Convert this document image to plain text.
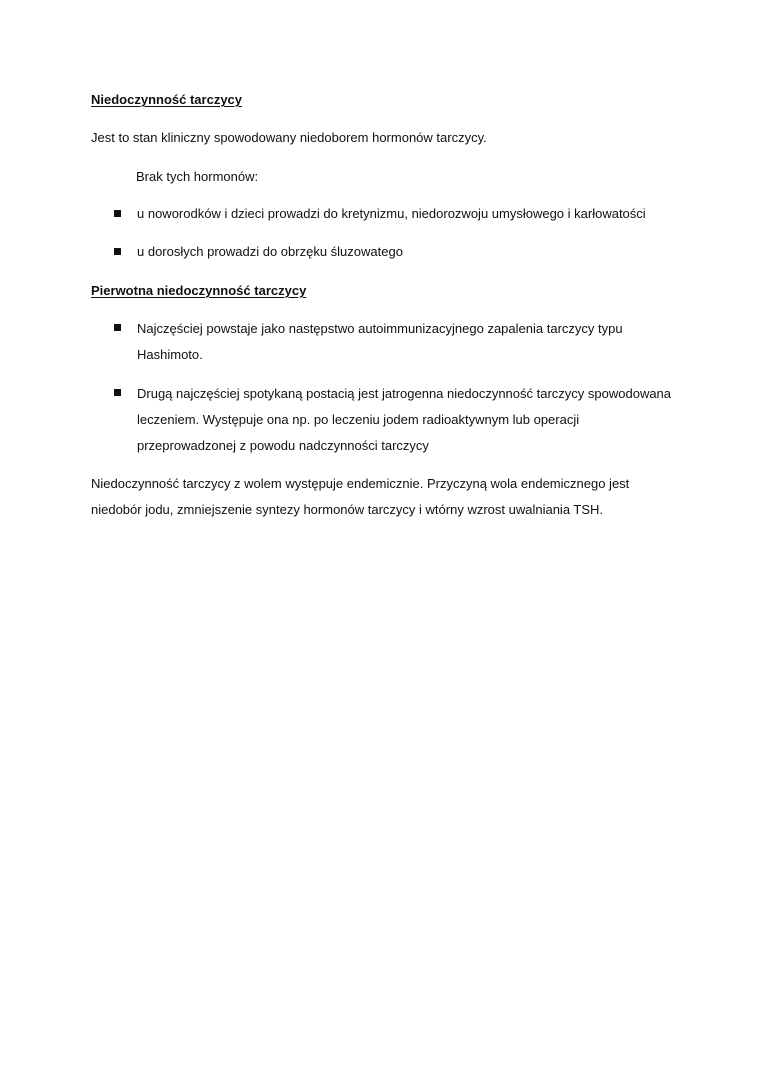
Niedoczynność tarczycy
Jest to stan kliniczny spowodowany niedoborem hormonów tarczycy.
Brak tych hormonów:
u noworodków i dzieci prowadzi do kretynizmu, niedorozwoju umysłowego i karłowatości
u dorosłych prowadzi do obrzęku śluzowatego
Pierwotna niedoczynność tarczycy
Najczęściej powstaje jako następstwo autoimmunizacyjnego zapalenia tarczycy typu
Hashimoto.
Drugą najczęściej spotykaną postacią jest jatrogenna niedoczynność tarczycy spowodowana
leczeniem. Występuje ona np. po leczeniu jodem radioaktywnym lub operacji
przeprowadzonej z powodu nadczynności tarczycy
Niedoczynność tarczycy z wolem występuje endemicznie. Przyczyną wola endemicznego jest
niedobór jodu, zmniejszenie syntezy hormonów tarczycy i wtórny wzrost uwalniania TSH.
